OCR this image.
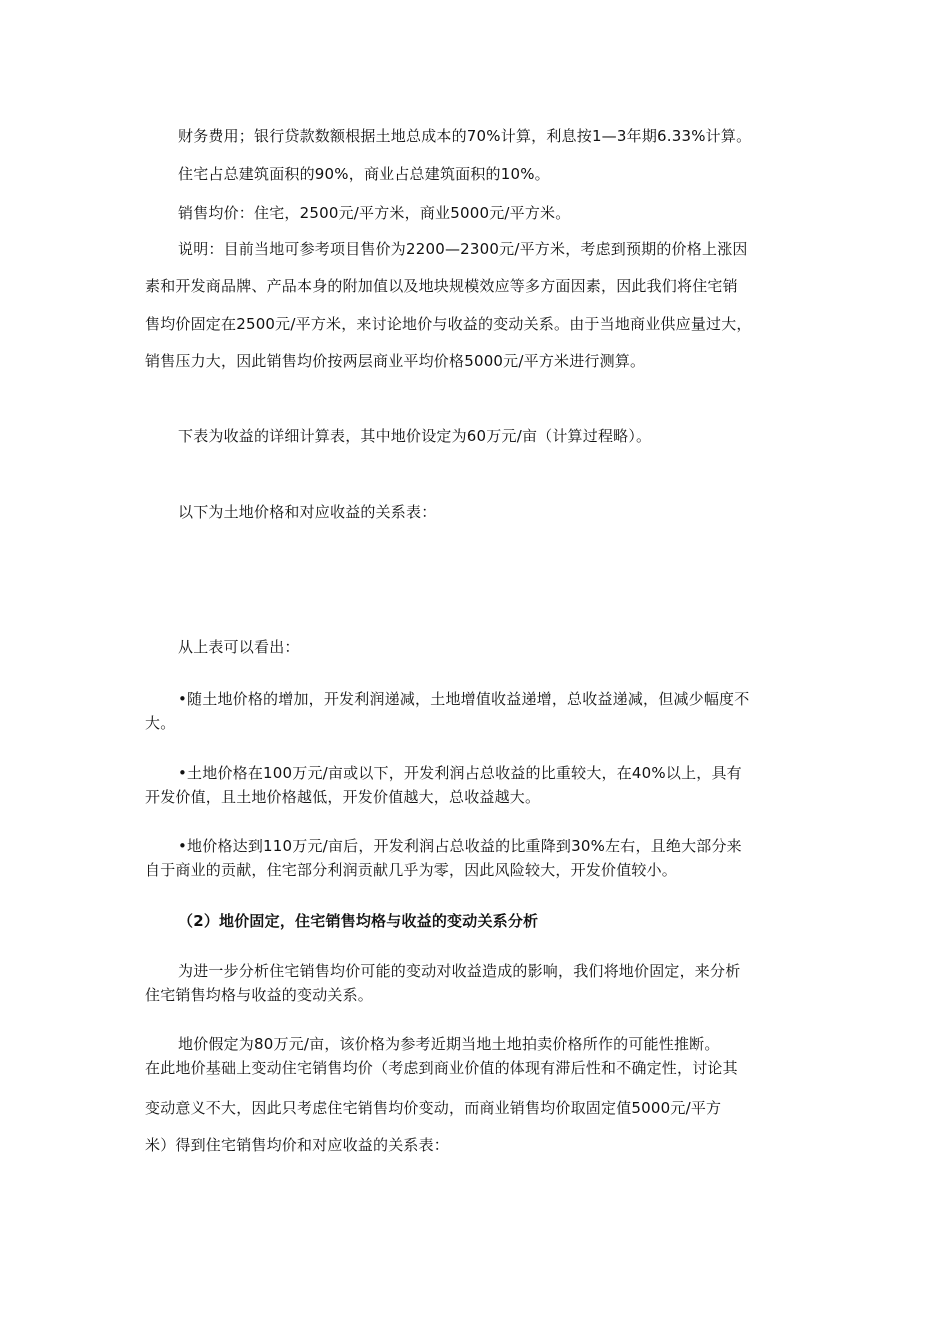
财务费用；银行贷款数额根据土地总成本的70%计算，利息按1—3年期6.33%计算。
住宅占总建筑面积的90%，商业占总建筑面积的10%。
销售均价：住宅，2500元/平方米，商业5000元/平方米。
说明：目前当地可参考项目售价为2200—2300元/平方米，考虑到预期的价格上涨因
素和开发商品牌、产品本身的附加值以及地块规模效应等多方面因素，因此我们将住宅销
售均价固定在2500元/平方米，来讨论地价与收益的变动关系。由于当地商业供应量过大，
销售压力大，因此销售均价按两层商业平均价格5000元/平方米进行测算。
下表为收益的详细计算表，其中地价设定为60万元/亩（计算过程略）。
以下为土地价格和对应收益的关系表：
从上表可以看出：
•随土地价格的增加，开发利润递减，土地增值收益递增，总收益递减，但减少幅度不
大。
•土地价格在100万元/亩或以下，开发利润占总收益的比重较大，在40%以上，具有
开发价值，且土地价格越低，开发价值越大，总收益越大。
•地价格达到110万元/亩后，开发利润占总收益的比重降到30%左右，且绝大部分来
自于商业的贡献，住宅部分利润贡献几乎为零，因此风险较大，开发价值较小。
（2）地价固定，住宅销售均格与收益的变动关系分析
为进一步分析住宅销售均价可能的变动对收益造成的影响，我们将地价固定，来分析
住宅销售均格与收益的变动关系。
地价假定为80万元/亩，该价格为参考近期当地土地拍卖价格所作的可能性推断。
在此地价基础上变动住宅销售均价（考虑到商业价值的体现有滞后性和不确定性，讨论其
变动意义不大，因此只考虑住宅销售均价变动，而商业销售均价取固定值5000元/平方
米）得到住宅销售均价和对应收益的关系表：
